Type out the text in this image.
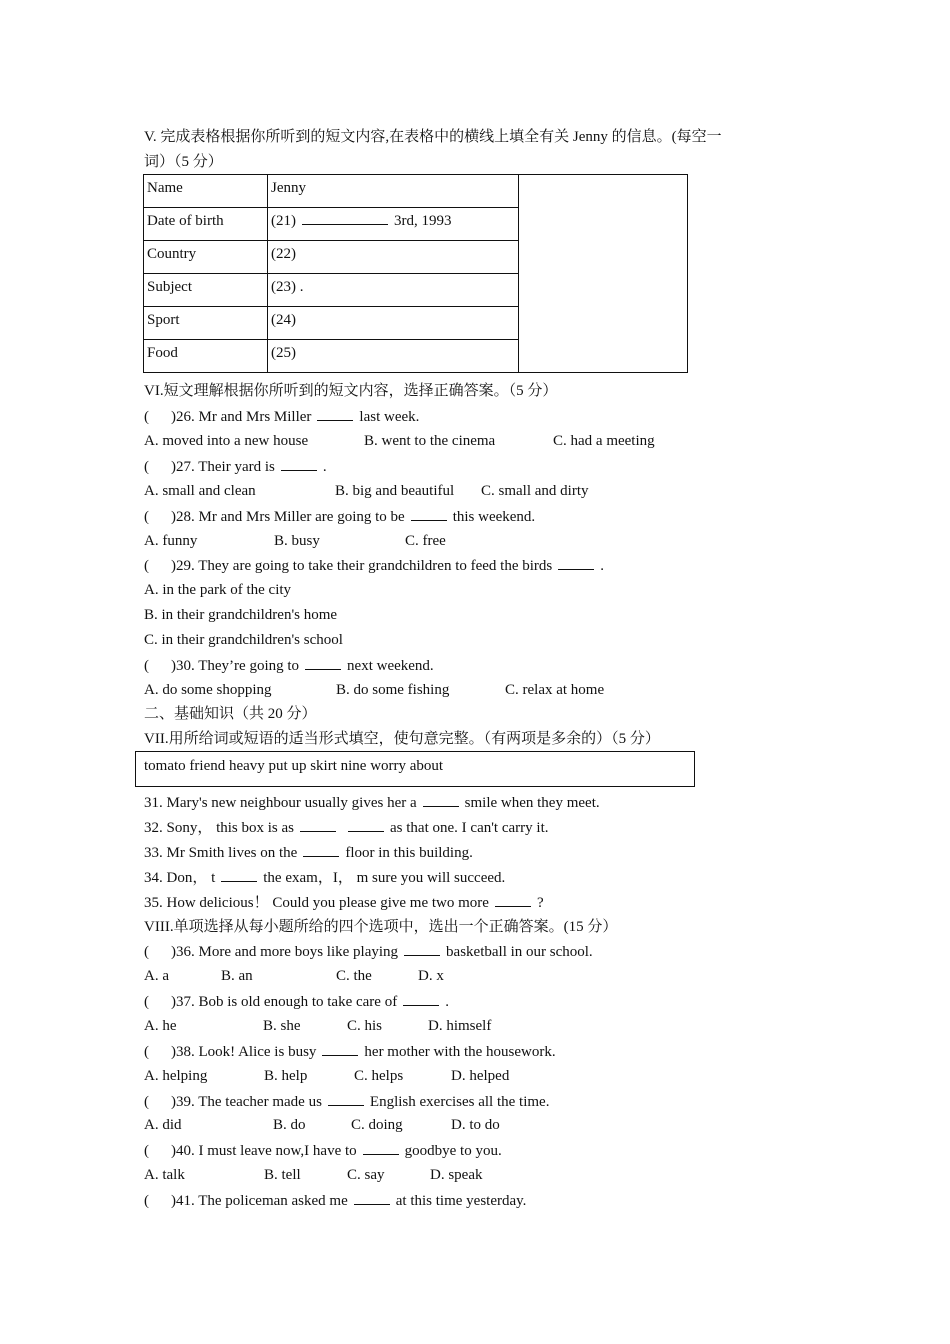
V. 完成表格根据你所听到的短文内容,在表格中的横线上填全有关 Jenny 的信息。(每空一
词）（5 分）
Name	Jenny	
Date of birth	(21) 3rd, 1993	
Country	(22)	
Subject	(23) .	
Sport	(24)	
Food	(25)	
VI.短文理解根据你所听到的短文内容，选择正确答案。（5 分）
( )26. Mr and Mrs Miller	last week.
A. moved into a new house	B. went to the cinema	C. had a meeting
( )27. Their yard is	.
A. small and clean	B. big and beautiful C. small and dirty
( )28. Mr and Mrs Miller are going to be	this weekend.
A. funny	B. busy	C. free
( )29. They are going to take their grandchildren to feed the birds	.
A. in the park of the city
B. in their grandchildren's home
C. in their grandchildren's school
( )30. They’re going to	next weekend.
A. do some shopping	B. do some fishing	C. relax at home
二、基础知识（共 20 分）
VII.用所给词或短语的适当形式填空，使句意完整。（有两项是多余的）（5 分）
tomato friend heavy put up skirt nine worry about
31. Mary's new neighbour usually gives her a	smile when they meet.
32. Sony， this box is as	as that one. I can't carry it.
33. Mr Smith lives on the	floor in this building.
34. Don， t	the exam，I， m sure you will succeed.
35. How delicious！ Could you please give me two more	?
VIII.单项选择从每小题所给的四个选项中，选出一个正确答案。(15 分）
( )36. More and more boys like playing	basketball in our school.
A. a	B. an	C. the	D. x
( )37. Bob is old enough to take care of	.
A. he	B. she	C. his	D. himself
( )38. Look! Alice is busy	her mother with the housework.
A. helping	B. help	C. helps	D. helped
( )39. The teacher made us	English exercises all the time.
A. did	B. do	C. doing	D. to do
( )40. I must leave now,I have to	goodbye to you.
A. talk	B. tell	C. say	D. speak
( )41. The policeman asked me	at this time yesterday.
